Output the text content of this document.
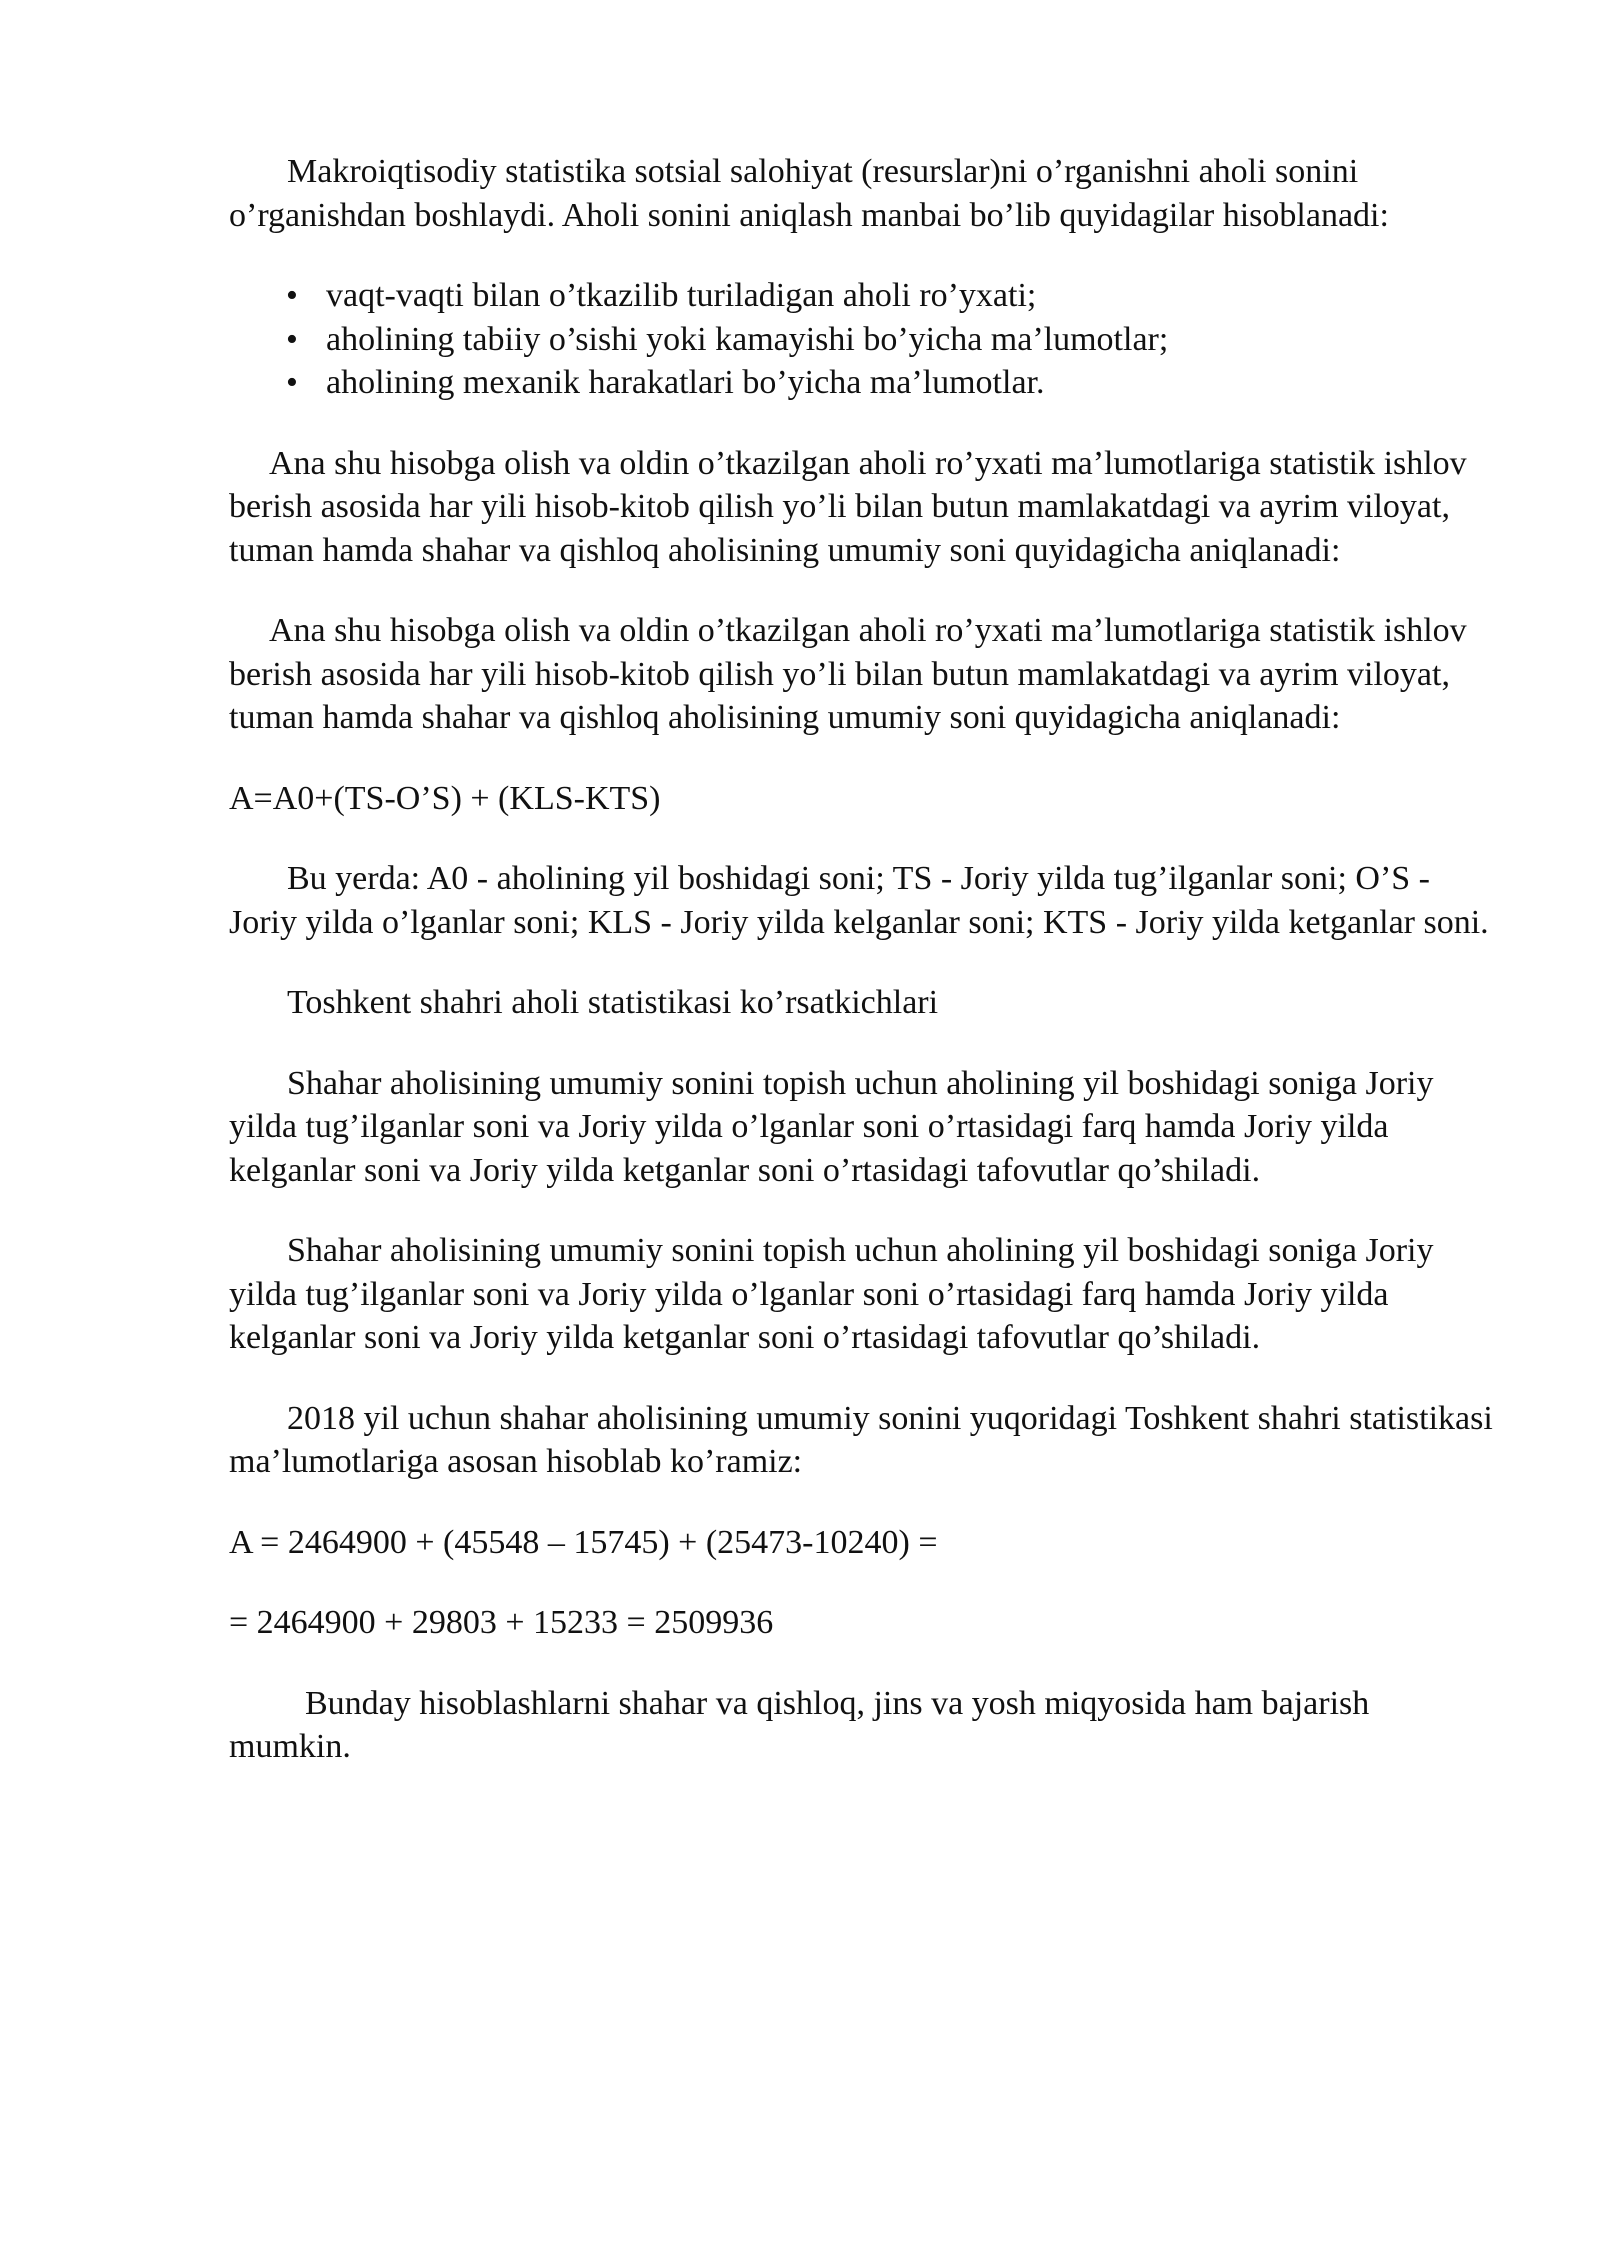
Makroiqtisodiy statistika sotsial salohiyat (resurslar)ni o’rganishni aholi sonini o’rganishdan boshlaydi. Aholi sonini aniqlash manbai bo’lib quyidagilar hisoblanadi:

• vaqt-vaqti bilan o’tkazilib turiladigan aholi ro’yxati;
• aholining tabiiy o’sishi yoki kamayishi bo’yicha ma’lumotlar;
• aholining mexanik harakatlari bo’yicha ma’lumotlar.

Ana shu hisobga olish va oldin o’tkazilgan aholi ro’yxati ma’lumotlariga statistik ishlov berish asosida har yili hisob-kitob qilish yo’li bilan butun mamlakatdagi va ayrim viloyat, tuman hamda shahar va qishloq aholisining umumiy soni quyidagicha aniqlanadi:

Ana shu hisobga olish va oldin o’tkazilgan aholi ro’yxati ma’lumotlariga statistik ishlov berish asosida har yili hisob-kitob qilish yo’li bilan butun mamlakatdagi va ayrim viloyat, tuman hamda shahar va qishloq aholisining umumiy soni quyidagicha aniqlanadi:

A=A0+(TS-O’S) + (KLS-KTS)

Bu yerda: A0 - aholining yil boshidagi soni; TS - Joriy yilda tug’ilganlar soni; O’S - Joriy yilda o’lganlar soni; KLS - Joriy yilda kelganlar soni; KTS - Joriy yilda ketganlar soni.

Toshkent shahri aholi statistikasi ko’rsatkichlari

Shahar aholisining umumiy sonini topish uchun aholining yil boshidagi soniga Joriy yilda tug’ilganlar soni va Joriy yilda o’lganlar soni o’rtasidagi farq hamda Joriy yilda kelganlar soni va Joriy yilda ketganlar soni o’rtasidagi tafovutlar qo’shiladi.

Shahar aholisining umumiy sonini topish uchun aholining yil boshidagi soniga Joriy yilda tug’ilganlar soni va Joriy yilda o’lganlar soni o’rtasidagi farq hamda Joriy yilda kelganlar soni va Joriy yilda ketganlar soni o’rtasidagi tafovutlar qo’shiladi.

2018 yil uchun shahar aholisining umumiy sonini yuqoridagi Toshkent shahri statistikasi ma’lumotlariga asosan hisoblab ko’ramiz:

A = 2464900 + (45548 – 15745) + (25473-10240) =

= 2464900 + 29803 + 15233 = 2509936

Bunday hisoblashlarni shahar va qishloq, jins va yosh miqyosida ham bajarish mumkin.
